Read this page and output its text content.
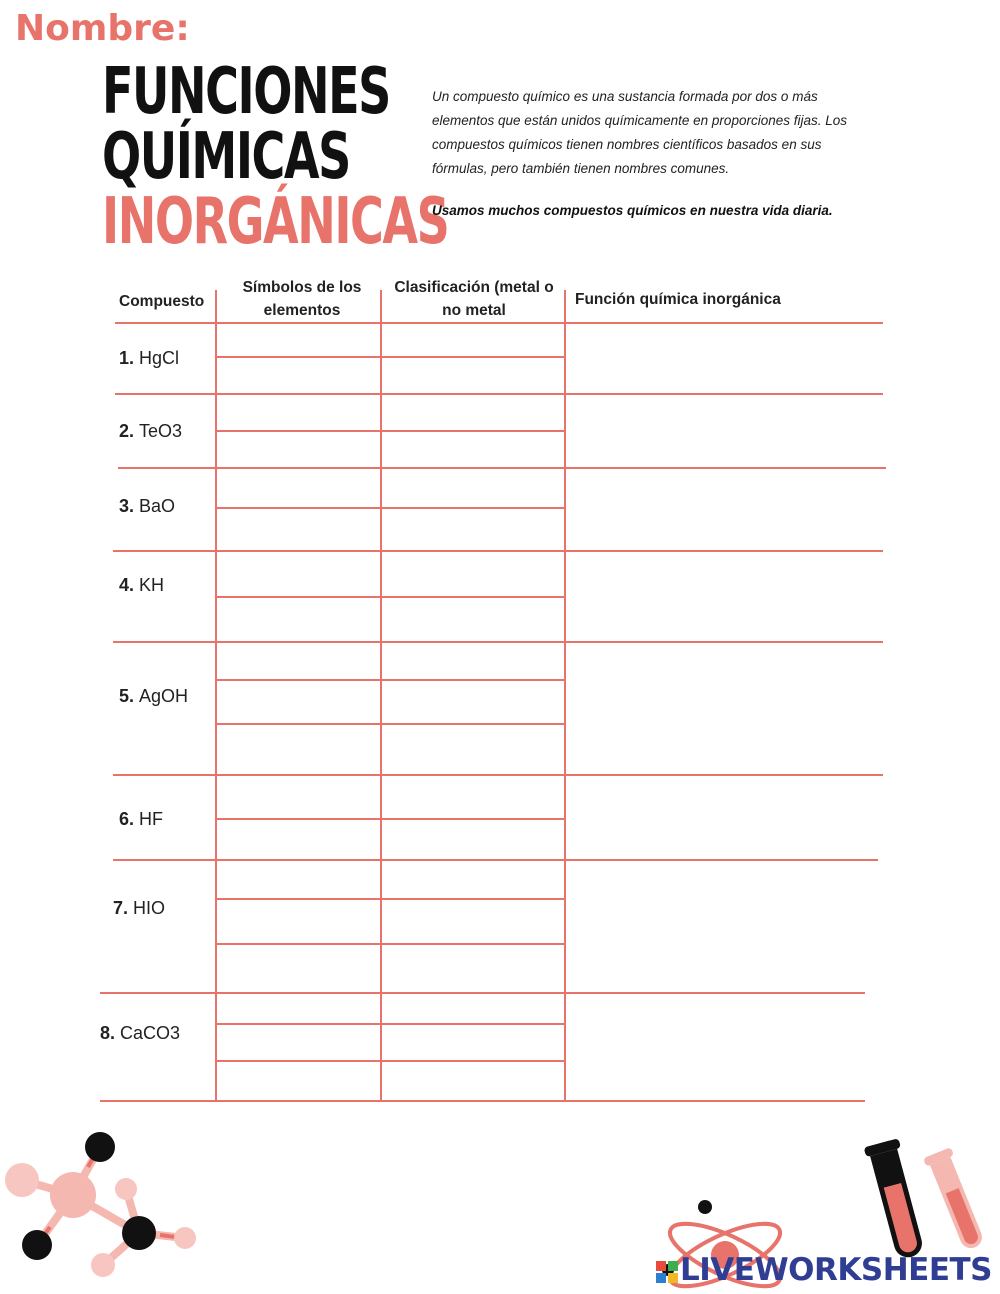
Nombre:
FUNCIONES
QUÍMICAS
INORGÁNICAS
Un compuesto químico es una sustancia formada por dos o más elementos que están unidos químicamente en proporciones fijas. Los compuestos químicos tienen nombres científicos basados en sus fórmulas, pero también tienen nombres comunes.
Usamos muchos compuestos químicos en nuestra vida diaria.
Compuesto
Símbolos de los elementos
Clasificación (metal o no metal
Función química inorgánica
1. HgCl
2. TeO3
3. BaO
4. KH
5. AgOH
6. HF
7. HIO
8. CaCO3
LIVEWORKSHEETS
